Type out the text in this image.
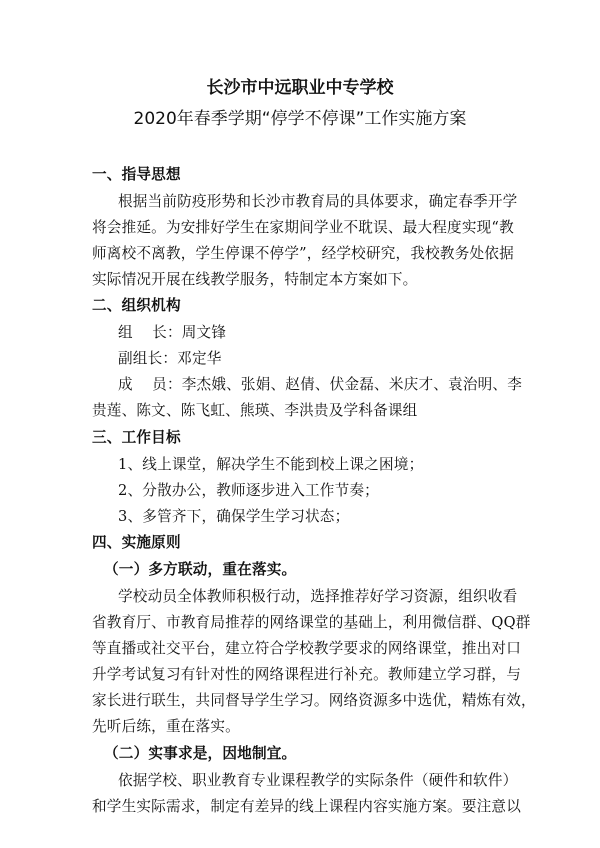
长沙市中远职业中专学校
2020年春季学期“停学不停课”工作实施方案
一、指导思想
根据当前防疫形势和长沙市教育局的具体要求，确定春季开学
将会推延。为安排好学生在家期间学业不耽误、最大程度实现“教
师离校不离教，学生停课不停学”，经学校研究，我校教务处依据
实际情况开展在线教学服务，特制定本方案如下。
二、组织机构
组    长：周文锋
副组长：邓定华
成    员：李杰娥、张娟、赵倩、伏金磊、米庆才、袁治明、李
贵莲、陈文、陈飞虹、熊瑛、李洪贵及学科备课组
三、工作目标
1、线上课堂，解决学生不能到校上课之困境；
2、分散办公，教师逐步进入工作节奏；
3、多管齐下，确保学生学习状态；
四、实施原则
（一）多方联动，重在落实。
学校动员全体教师积极行动，选择推荐好学习资源，组织收看
省教育厅、市教育局推荐的网络课堂的基础上，利用微信群、QQ群
等直播或社交平台，建立符合学校教学要求的网络课堂，推出对口
升学考试复习有针对性的网络课程进行补充。教师建立学习群，与
家长进行联生，共同督导学生学习。网络资源多中选优，精炼有效，
先听后练，重在落实。
（二）实事求是，因地制宜。
依据学校、职业教育专业课程教学的实际条件（硬件和软件）
和学生实际需求，制定有差异的线上课程内容实施方案。要注意以
